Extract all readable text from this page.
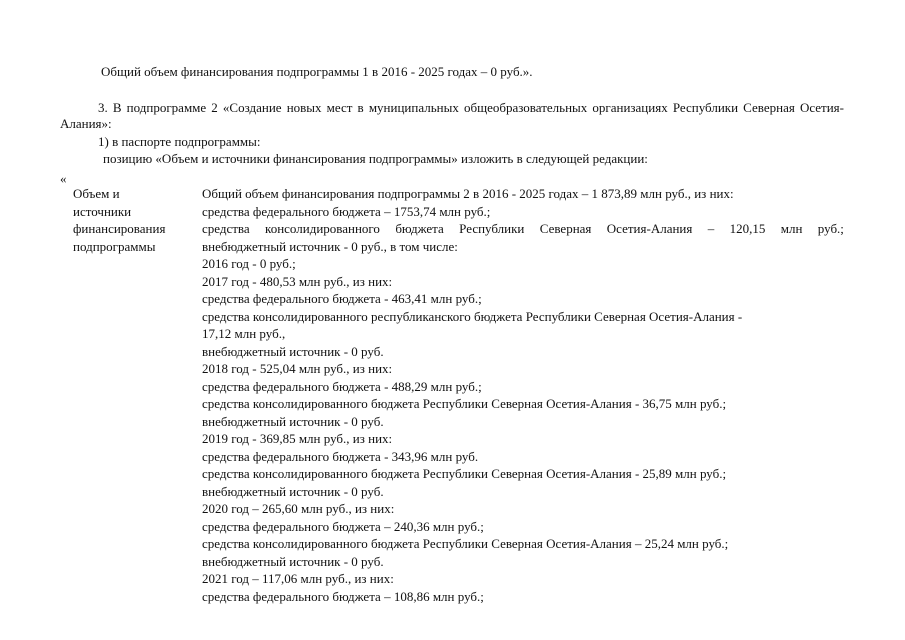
Общий объем финансирования подпрограммы 1 в 2016 - 2025 годах – 0 руб.».
3. В подпрограмме 2 «Создание новых мест в муниципальных общеобразовательных организациях Республики Северная Осетия-Алания»:
1) в паспорте подпрограммы:
позицию «Объем и источники финансирования подпрограммы» изложить в следующей редакции:
«
Объем и
источники
финансирования
подпрограммы
Общий объем финансирования подпрограммы 2 в 2016 - 2025 годах – 1 873,89 млн руб., из них:
средства федерального бюджета – 1753,74 млн руб.;
средства консолидированного бюджета Республики Северная Осетия-Алания – 120,15 млн руб.;
внебюджетный источник - 0 руб., в том числе:
2016 год - 0 руб.;
2017 год - 480,53 млн руб., из них:
средства федерального бюджета - 463,41 млн руб.;
средства консолидированного республиканского бюджета Республики Северная Осетия-Алания -
17,12 млн руб.,
внебюджетный источник - 0 руб.
2018 год - 525,04 млн руб., из них:
средства федерального бюджета - 488,29 млн руб.;
средства консолидированного бюджета Республики Северная Осетия-Алания - 36,75 млн руб.;
внебюджетный источник - 0 руб.
2019 год - 369,85 млн руб., из них:
средства федерального бюджета - 343,96 млн руб.
средства консолидированного бюджета Республики Северная Осетия-Алания - 25,89 млн руб.;
внебюджетный источник - 0 руб.
2020 год – 265,60 млн руб., из них:
средства федерального бюджета – 240,36 млн руб.;
средства консолидированного бюджета Республики Северная Осетия-Алания – 25,24 млн руб.;
внебюджетный источник - 0 руб.
2021 год – 117,06 млн руб., из них:
средства федерального бюджета – 108,86 млн руб.;
